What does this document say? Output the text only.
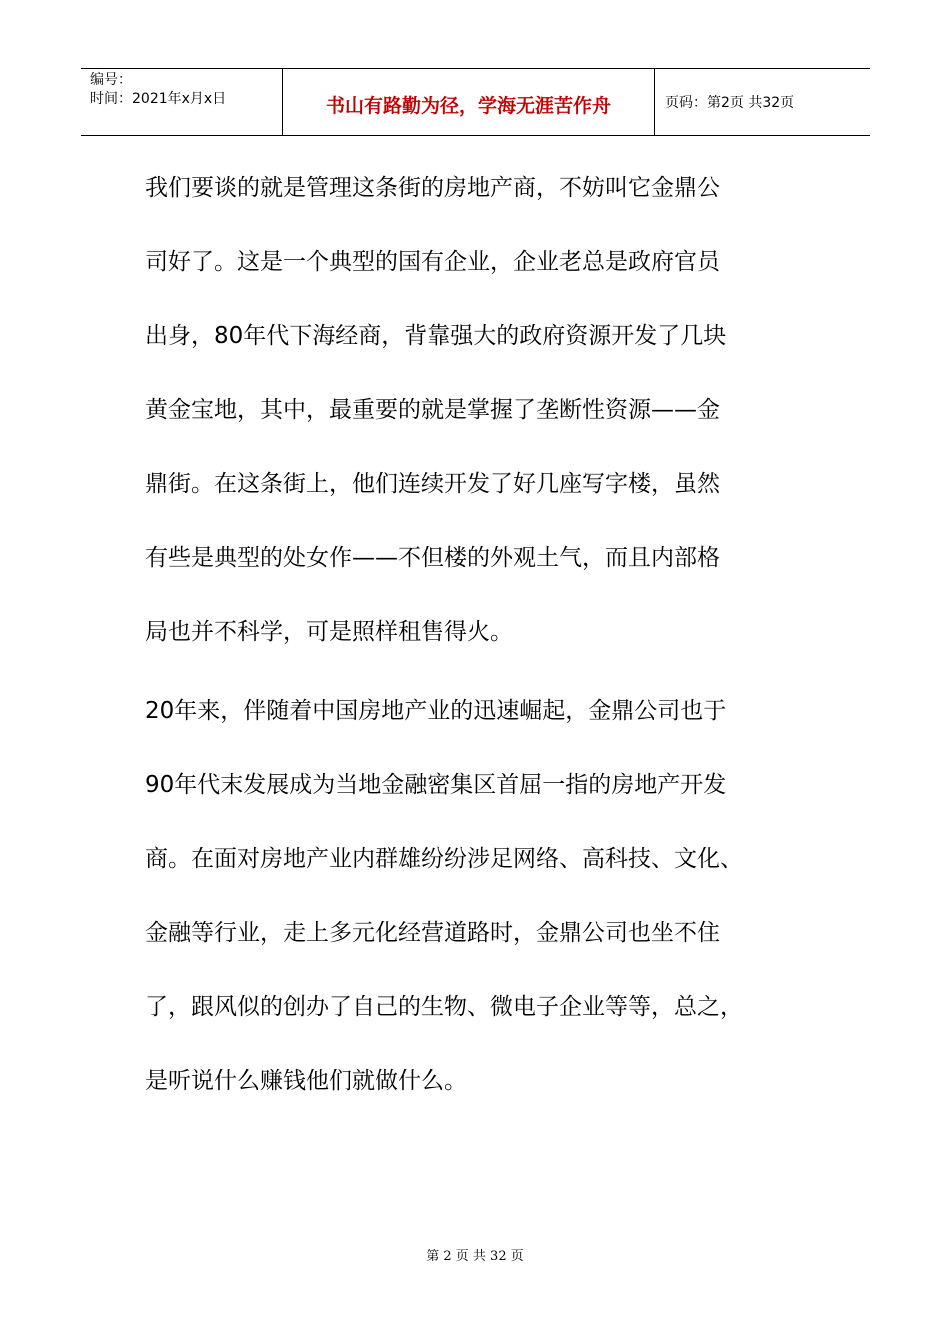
编号：
时间：2021年x月x日	书山有路勤为径，学海无涯苦作舟	页码：第2页 共32页

我们要谈的就是管理这条街的房地产商，不妨叫它金鼎公
司好了。这是一个典型的国有企业，企业老总是政府官员
出身，80年代下海经商，背靠强大的政府资源开发了几块
黄金宝地，其中，最重要的就是掌握了垄断性资源——金
鼎街。在这条街上，他们连续开发了好几座写字楼，虽然
有些是典型的处女作——不但楼的外观土气，而且内部格
局也并不科学，可是照样租售得火。

20年来，伴随着中国房地产业的迅速崛起，金鼎公司也于
90年代末发展成为当地金融密集区首屈一指的房地产开发
商。在面对房地产业内群雄纷纷涉足网络、高科技、文化、
金融等行业，走上多元化经营道路时，金鼎公司也坐不住
了，跟风似的创办了自己的生物、微电子企业等等，总之，
是听说什么赚钱他们就做什么。

第 2 页 共 32 页
